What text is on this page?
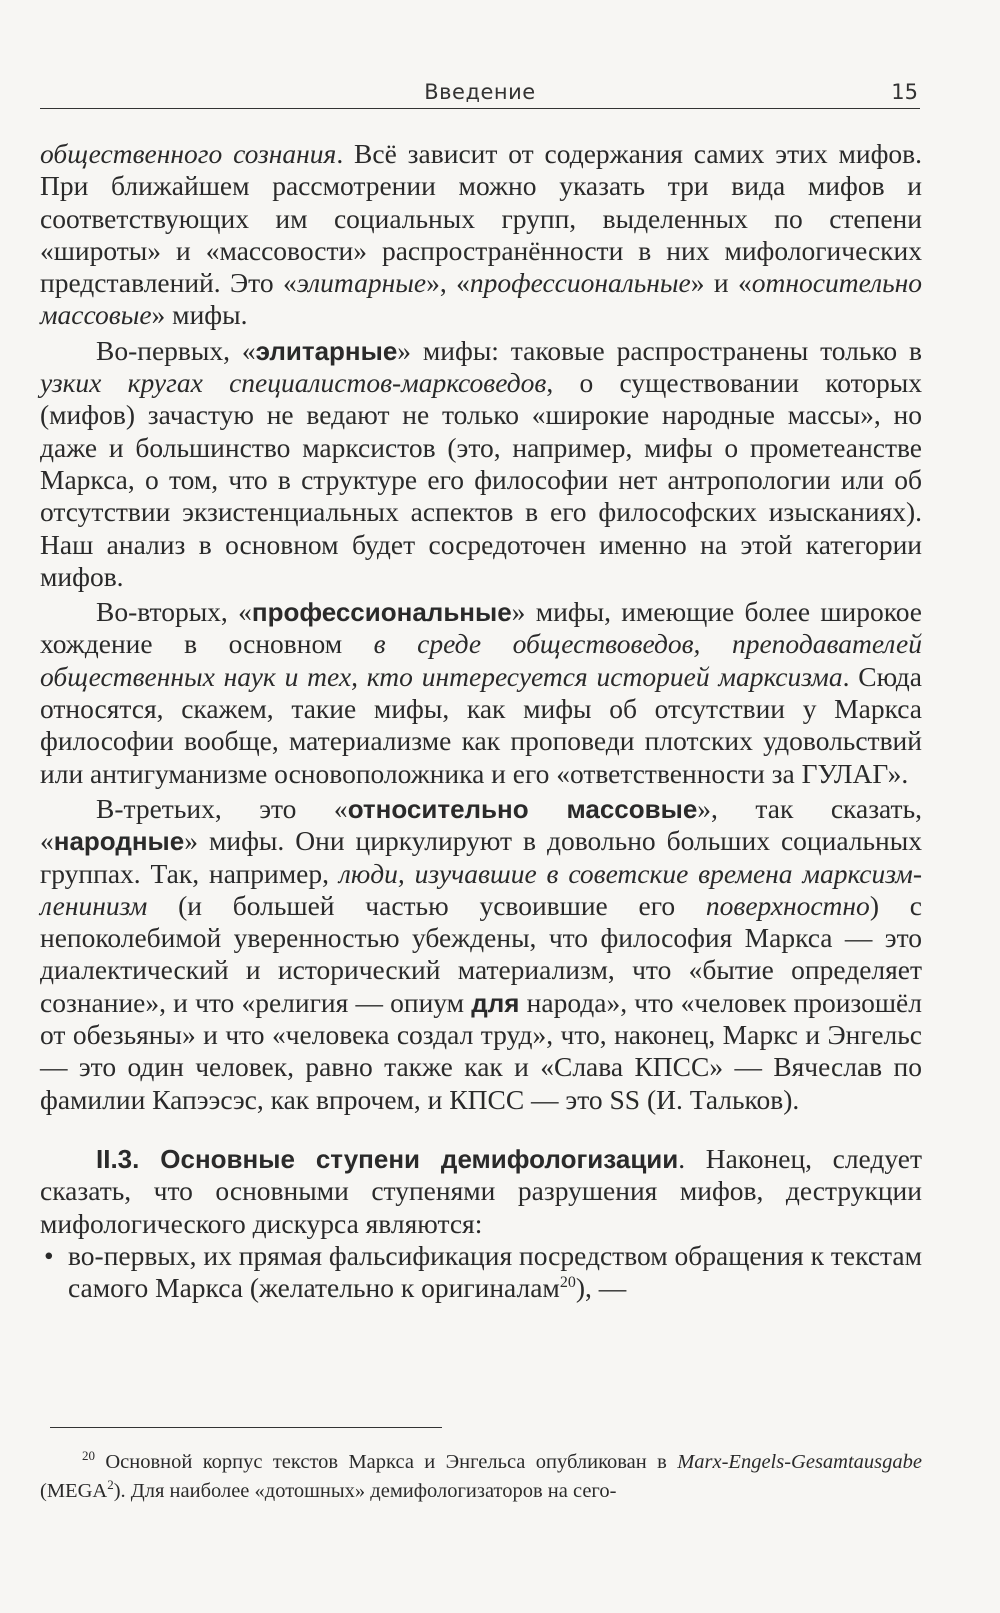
Введение	15

общественного сознания. Всё зависит от содержания самих этих мифов. При ближайшем рассмотрении можно указать три вида мифов и соответствующих им социальных групп, выделенных по степени «широты» и «массовости» распространённости в них мифологических представлений. Это «элитарные», «профессиональные» и «относительно массовые» мифы.

Во-первых, «элитарные» мифы: таковые распространены только в узких кругах специалистов-марксоведов, о существовании которых (мифов) зачастую не ведают не только «широкие народные массы», но даже и большинство марксистов (это, например, мифы о прометеанстве Маркса, о том, что в структуре его философии нет антропологии или об отсутствии экзистенциальных аспектов в его философских изысканиях). Наш анализ в основном будет сосредоточен именно на этой категории мифов.

Во-вторых, «профессиональные» мифы, имеющие более широкое хождение в основном в среде обществоведов, преподавателей общественных наук и тех, кто интересуется историей марксизма. Сюда относятся, скажем, такие мифы, как мифы об отсутствии у Маркса философии вообще, материализме как проповеди плотских удовольствий или антигуманизме основоположника и его «ответственности за ГУЛАГ».

В-третьих, это «относительно массовые», так сказать, «народные» мифы. Они циркулируют в довольно больших социальных группах. Так, например, люди, изучавшие в советские времена марксизм-ленинизм (и большей частью усвоившие его поверхностно) с непоколебимой уверенностью убеждены, что философия Маркса — это диалектический и исторический материализм, что «бытие определяет сознание», и что «религия — опиум для народа», что «человек произошёл от обезьяны» и что «человека создал труд», что, наконец, Маркс и Энгельс — это один человек, равно также как и «Слава КПСС» — Вячеслав по фамилии Капээсэс, как впрочем, и КПСС — это SS (И. Тальков).

II.3. Основные ступени демифологизации. Наконец, следует сказать, что основными ступенями разрушения мифов, деструкции мифологического дискурса являются:

• во-первых, их прямая фальсификация посредством обращения к текстам самого Маркса (желательно к оригиналам$^{20}$), —

$^{20}$ Основной корпус текстов Маркса и Энгельса опубликован в Marx-Engels-Gesamtausgabe (MEGA$^2$). Для наиболее «дотошных» демифологизаторов на сего-
